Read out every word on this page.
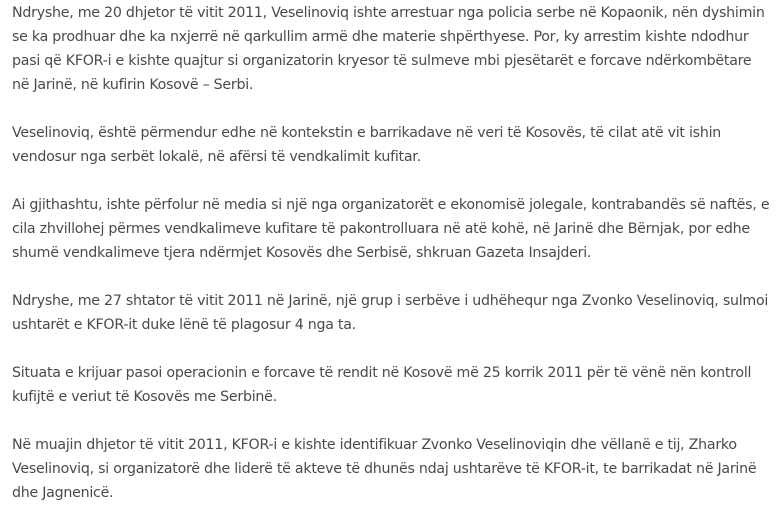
Ndryshe, me 20 dhjetor të vitit 2011, Veselinoviq ishte arrestuar nga policia serbe në Kopaonik, nën dyshimin se ka prodhuar dhe ka nxjerrë në qarkullim armë dhe materie shpërthyese. Por, ky arrestim kishte ndodhur pasi që KFOR-i e kishte quajtur si organizatorin kryesor të sulmeve mbi pjesëtarët e forcave ndërkombëtare në Jarinë, në kufirin Kosovë – Serbi.

Veselinoviq, është përmendur edhe në kontekstin e barrikadave në veri të Kosovës, të cilat atë vit ishin vendosur nga serbët lokalë, në afërsi të vendkalimit kufitar.

Ai gjithashtu, ishte përfolur në media si një nga organizatorët e ekonomisë jolegale, kontrabandës së naftës, e cila zhvillohej përmes vendkalimeve kufitare të pakontrolluara në atë kohë, në Jarinë dhe Bërnjak, por edhe shumë vendkalimeve tjera ndërmjet Kosovës dhe Serbisë, shkruan Gazeta Insajderi.

Ndryshe, me 27 shtator të vitit 2011 në Jarinë, një grup i serbëve i udhëhequr nga Zvonko Veselinoviq, sulmoi ushtarët e KFOR-it duke lënë të plagosur 4 nga ta.

Situata e krijuar pasoi operacionin e forcave të rendit në Kosovë më 25 korrik 2011 për të vënë nën kontroll kufijtë e veriut të Kosovës me Serbinë.

Në muajin dhjetor të vitit 2011, KFOR-i e kishte identifikuar Zvonko Veselinoviqin dhe vëllanë e tij, Zharko Veselinoviq, si organizatorë dhe liderë të akteve të dhunës ndaj ushtarëve të KFOR-it, te barrikadat në Jarinë dhe Jagnenicë.
